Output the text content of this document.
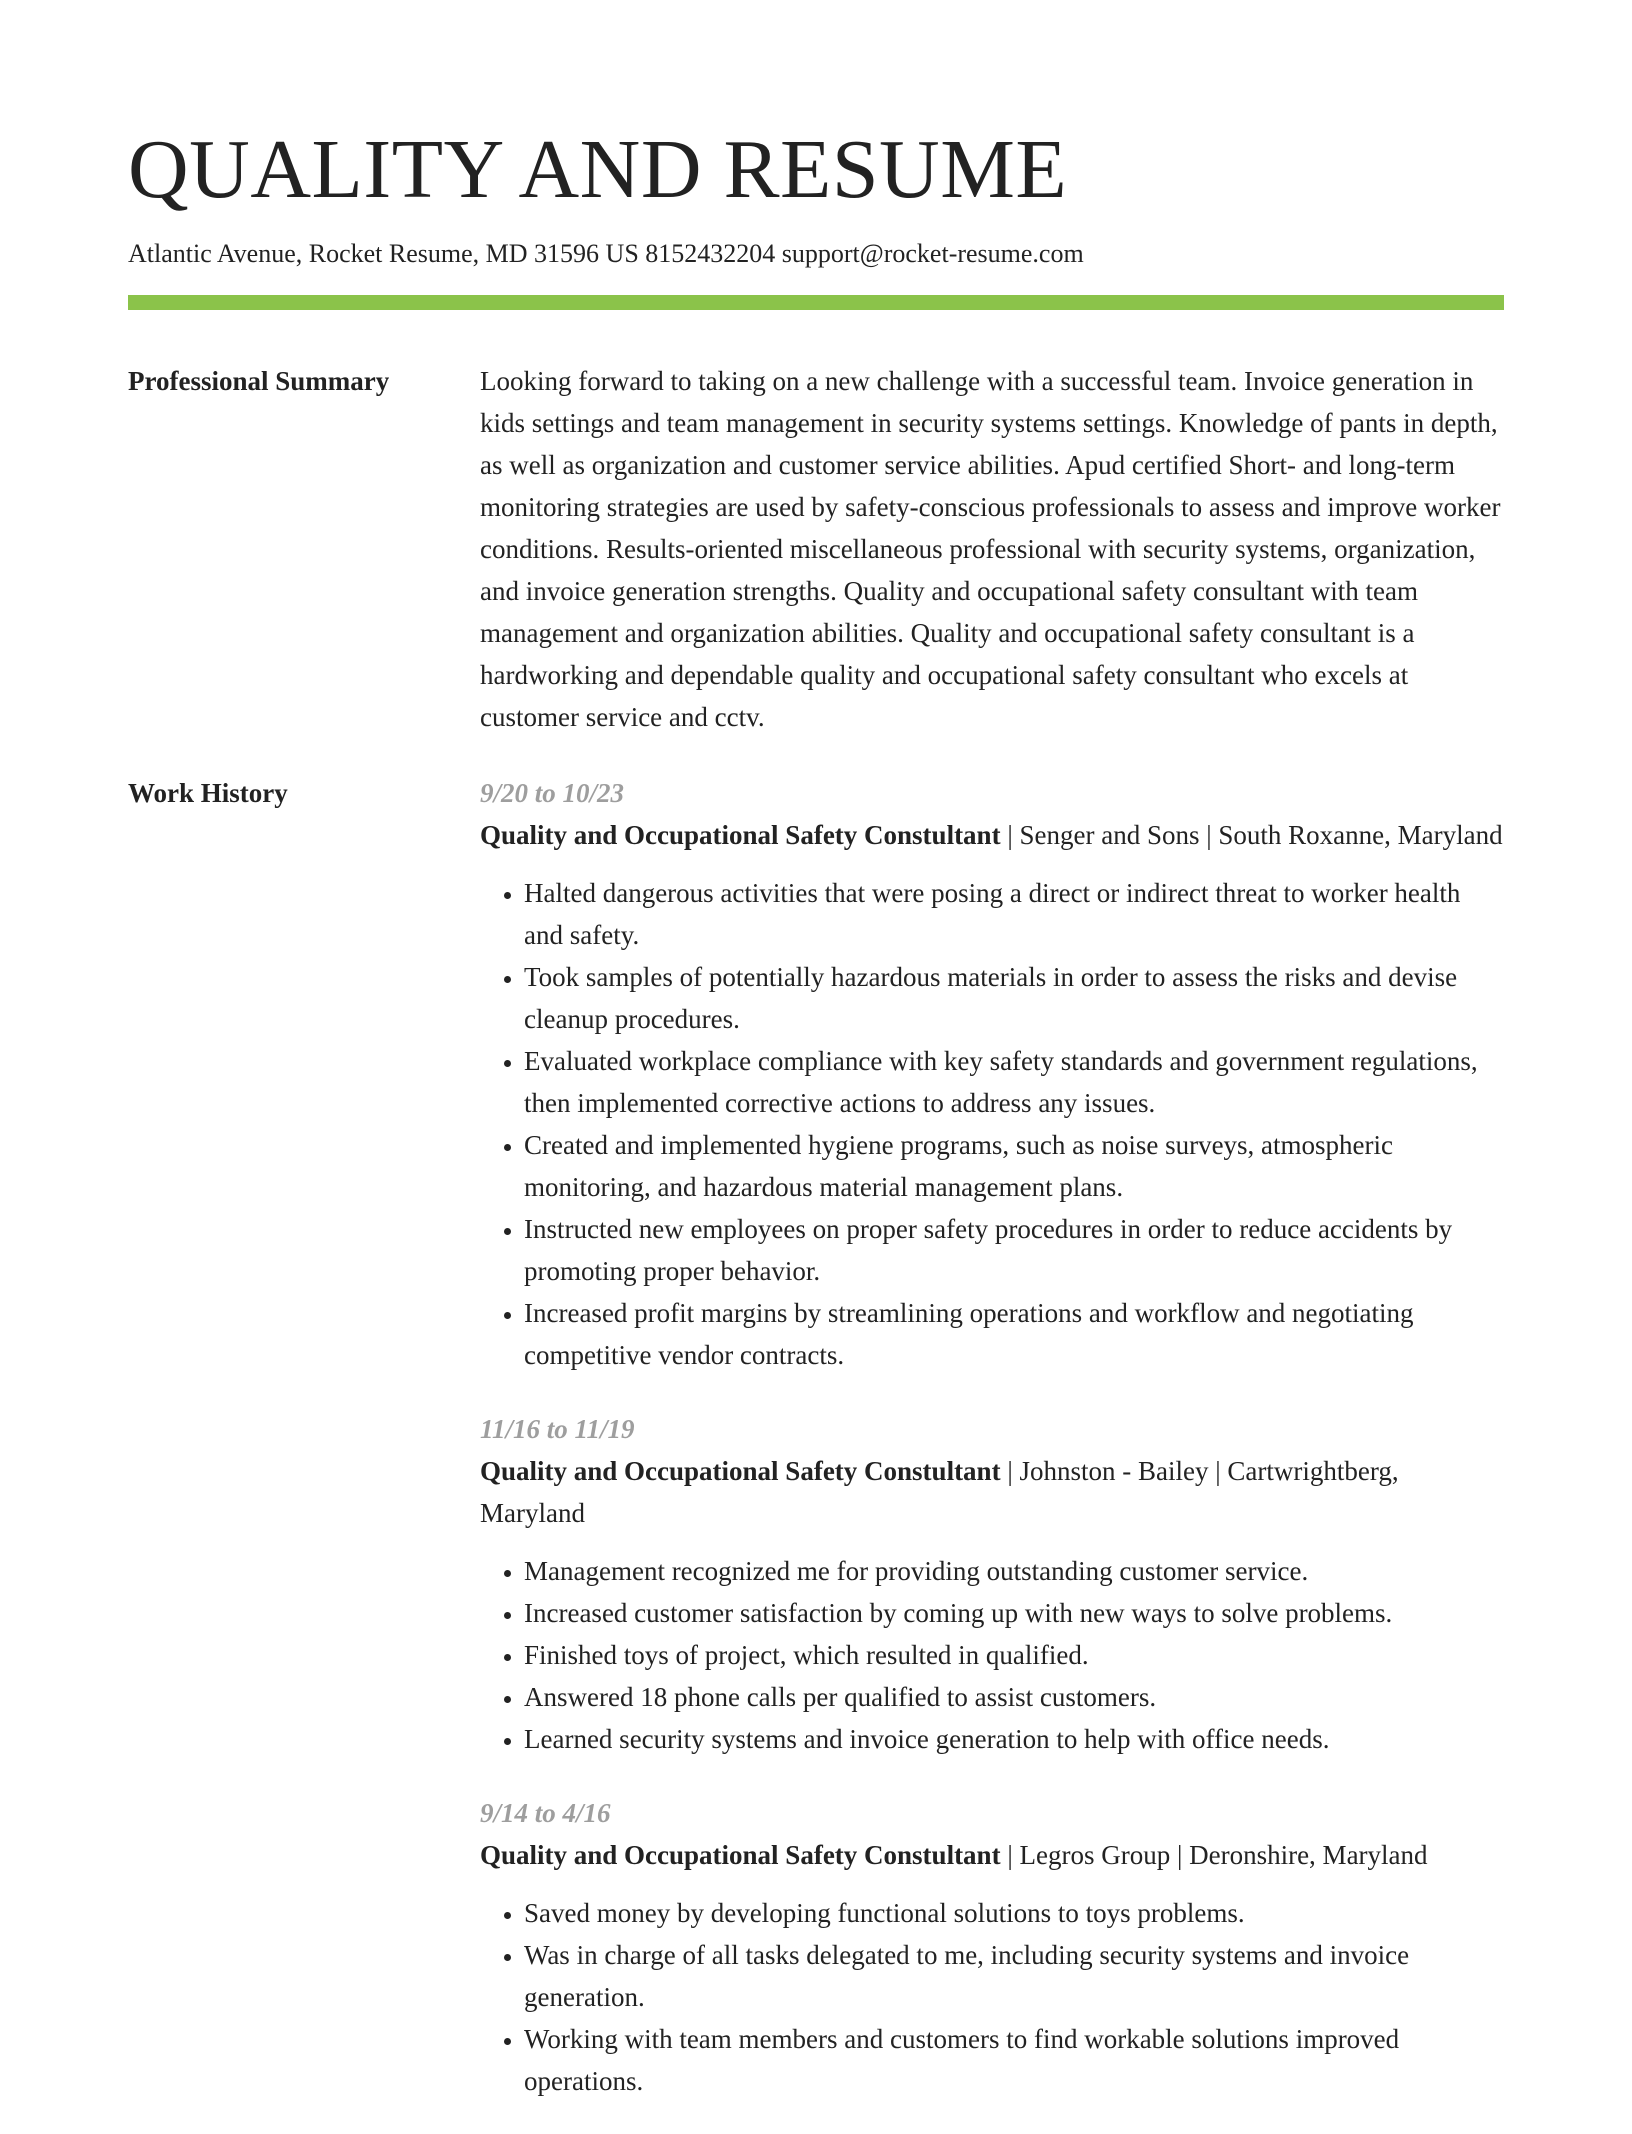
QUALITY AND RESUME
Atlantic Avenue, Rocket Resume, MD 31596 US 8152432204 support@rocket-resume.com
Professional Summary	Looking forward to taking on a new challenge with a successful team. Invoice generation in kids settings and team management in security systems settings. Knowledge of pants in depth, as well as organization and customer service abilities. Apud certified Short- and long-term monitoring strategies are used by safety-conscious professionals to assess and improve worker conditions. Results-oriented miscellaneous professional with security systems, organization, and invoice generation strengths. Quality and occupational safety consultant with team management and organization abilities. Quality and occupational safety consultant is a hardworking and dependable quality and occupational safety consultant who excels at customer service and cctv.
Work History	9/20 to 10/23
Quality and Occupational Safety Constultant | Senger and Sons | South Roxanne, Maryland
• Halted dangerous activities that were posing a direct or indirect threat to worker health and safety.
• Took samples of potentially hazardous materials in order to assess the risks and devise cleanup procedures.
• Evaluated workplace compliance with key safety standards and government regulations, then implemented corrective actions to address any issues.
• Created and implemented hygiene programs, such as noise surveys, atmospheric monitoring, and hazardous material management plans.
• Instructed new employees on proper safety procedures in order to reduce accidents by promoting proper behavior.
• Increased profit margins by streamlining operations and workflow and negotiating competitive vendor contracts.
11/16 to 11/19
Quality and Occupational Safety Constultant | Johnston - Bailey | Cartwrightberg, Maryland
• Management recognized me for providing outstanding customer service.
• Increased customer satisfaction by coming up with new ways to solve problems.
• Finished toys of project, which resulted in qualified.
• Answered 18 phone calls per qualified to assist customers.
• Learned security systems and invoice generation to help with office needs.
9/14 to 4/16
Quality and Occupational Safety Constultant | Legros Group | Deronshire, Maryland
• Saved money by developing functional solutions to toys problems.
• Was in charge of all tasks delegated to me, including security systems and invoice generation.
• Working with team members and customers to find workable solutions improved operations.
